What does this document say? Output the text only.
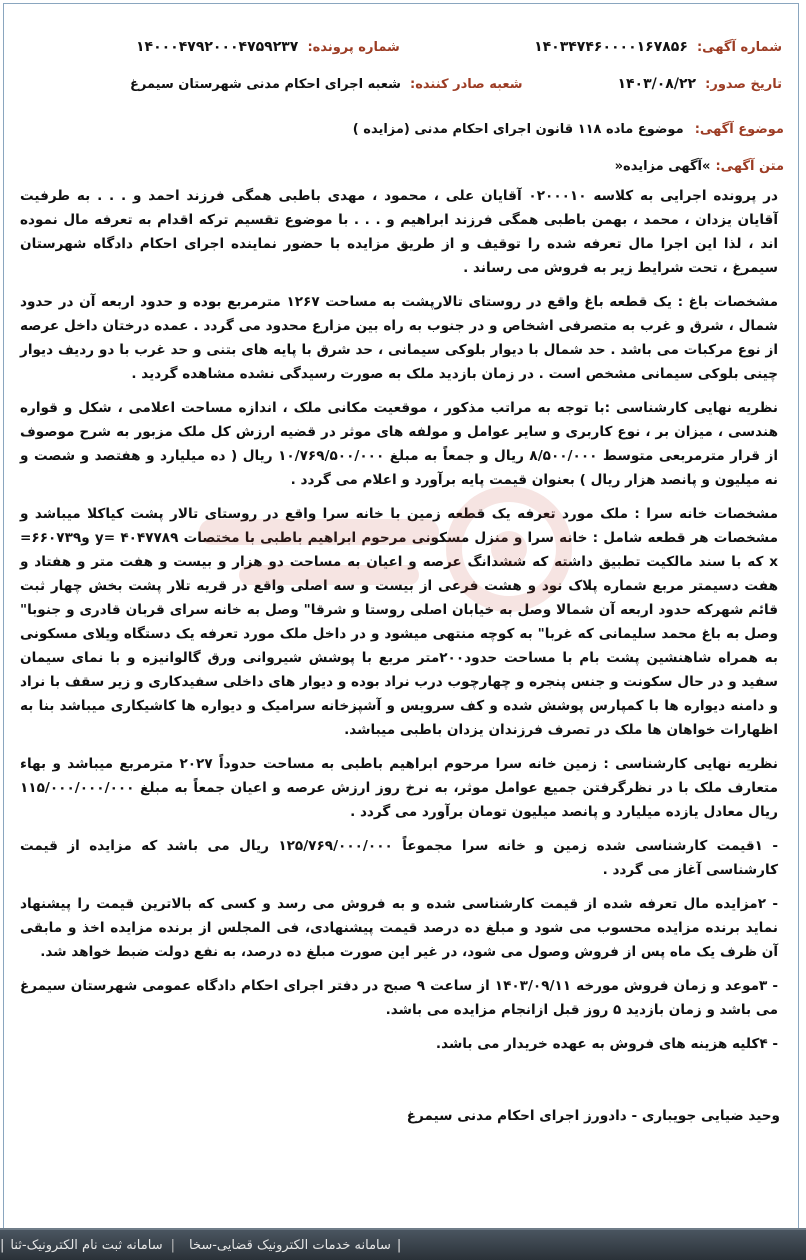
شماره آگهی: ۱۴۰۳۴۷۴۶۰۰۰۰۱۶۷۸۵۶
شماره پرونده: ۱۴۰۰۰۴۷۹۲۰۰۰۴۷۵۹۲۳۷
تاریخ صدور: ۱۴۰۳/۰۸/۲۲
شعبه صادر کننده: شعبه اجرای احکام مدنی شهرستان سیمرغ
موضوع آگهی: موضوع ماده ۱۱۸ قانون اجرای احکام مدنی (مزایده )
متن آگهی: »آگهی مزایده«

در پرونده اجرایی به کلاسه ۰۲۰۰۰۱۰ آقایان علی ، محمود ، مهدی باطبی همگی فرزند احمد و . . . به طرفیت آقایان یزدان ، محمد ، بهمن باطبی همگی فرزند ابراهیم و . . . با موضوع تقسیم ترکه اقدام به تعرفه مال نموده اند ، لذا این اجرا مال تعرفه شده را توقیف و از طریق مزایده با حضور نماینده اجرای احکام دادگاه شهرستان سیمرغ ، تحت شرایط زیر به فروش می رساند .

مشخصات باغ : یک قطعه باغ واقع در روستای تالارپشت به مساحت ۱۲۶۷ مترمربع بوده و حدود اربعه آن در حدود شمال ، شرق و غرب به متصرفی اشخاص و در جنوب به راه بین مزارع محدود می گردد . عمده درختان داخل عرصه از نوع مرکبات می باشد . حد شمال با دیوار بلوکی سیمانی ، حد شرق با پایه های بتنی و حد غرب با دو ردیف دیوار چینی بلوکی سیمانی مشخص است . در زمان بازدید ملک به صورت رسیدگی نشده مشاهده گردید .

نظریه نهایی کارشناسی :با توجه به مراتب مذکور ، موقعیت مکانی ملک ، اندازه مساحت اعلامی ، شکل و قواره هندسی ، میزان بر ، نوع کاربری و سایر عوامل و مولفه های موثر در قضیه ارزش کل ملک مزبور به شرح موصوف از قرار مترمربعی متوسط ۸/۵۰۰/۰۰۰ ریال و جمعاً به مبلغ ۱۰/۷۶۹/۵۰۰/۰۰۰ ریال ( ده میلیارد و هفتصد و شصت و نه میلیون و پانصد هزار ریال ) بعنوان قیمت پایه برآورد و اعلام می گردد .

مشخصات خانه سرا : ملک مورد تعرفه یک قطعه زمین با خانه سرا واقع در روستای تالار پشت کیاکلا میباشد و مشخصات هر قطعه شامل : خانه سرا و منزل مسکونی مرحوم ابراهیم باطبی با مختصات ۴۰۴۷۷۸۹ =y و۶۶۰۷۳۹= x که با سند مالکیت تطبیق داشته که ششدانگ عرصه و اعیان به مساحت دو هزار و بیست و هفت متر و هفتاد و هفت دسیمتر مربع شماره پلاک نود و هشت فرعی از بیست و سه اصلی واقع در قریه تلار پشت بخش چهار ثبت قائم شهرکه حدود اربعه آن شمالا وصل به خیابان اصلی روستا و شرقا" وصل به خانه سرای قربان قادری و جنوبا" وصل به باغ محمد سلیمانی که غربا" به کوچه منتهی میشود و در داخل ملک مورد تعرفه یک دستگاه ویلای مسکونی به همراه شاهنشین پشت بام با مساحت حدود۲۰۰متر مربع با پوشش شیروانی ورق گالوانیزه و با نمای سیمان سفید و در حال سکونت و جنس پنجره و چهارچوب درب نراد بوده و دیوار های داخلی سفیدکاری و زیر سقف با نراد و دامنه دیواره ها با کمپارس پوشش شده و کف سرویس و آشپزخانه سرامیک و دیواره ها کاشیکاری میباشد بنا به اظهارات خواهان ها ملک در تصرف فرزندان یزدان باطبی میباشد.

نظریه نهایی کارشناسی : زمین خانه سرا مرحوم ابراهیم باطبی به مساحت حدوداً ۲۰۲۷ مترمربع میباشد و بهاء متعارف ملک با در نظرگرفتن جمیع عوامل موثر، به نرخ روز ارزش عرصه و اعیان جمعاً به مبلغ ۱۱۵/۰۰۰/۰۰۰/۰۰۰ ریال معادل یازده میلیارد و پانصد میلیون تومان برآورد می گردد .

- ۱قیمت کارشناسی شده زمین و خانه سرا مجموعاً ۱۲۵/۷۶۹/۰۰۰/۰۰۰ ریال می باشد که مزایده از قیمت کارشناسی آغاز می گردد .

- ۲مزایده مال تعرفه شده از قیمت کارشناسی شده و به فروش می رسد و کسی که بالاترین قیمت را پیشنهاد نماید برنده مزایده محسوب می شود و مبلغ ده درصد قیمت پیشنهادی، فی المجلس از برنده مزایده اخذ و مابقی آن ظرف یک ماه پس از فروش وصول می شود، در غیر این صورت مبلغ ده درصد، به نفع دولت ضبط خواهد شد.

- ۳موعد و زمان فروش مورخه ۱۴۰۳/۰۹/۱۱ از ساعت ۹ صبح در دفتر اجرای احکام دادگاه عمومی شهرستان سیمرغ می باشد و زمان بازدید ۵ روز قبل ازانجام مزایده می باشد.

- ۴کلیه هزینه های فروش به عهده خریدار می باشد.

وحید ضیایی جویباری - دادورز اجرای احکام مدنی سیمرغ
|
سامانه خدمات الکترونیک قضایی-سخا
|
سامانه ثبت نام الکترونیک-ثنا
|
